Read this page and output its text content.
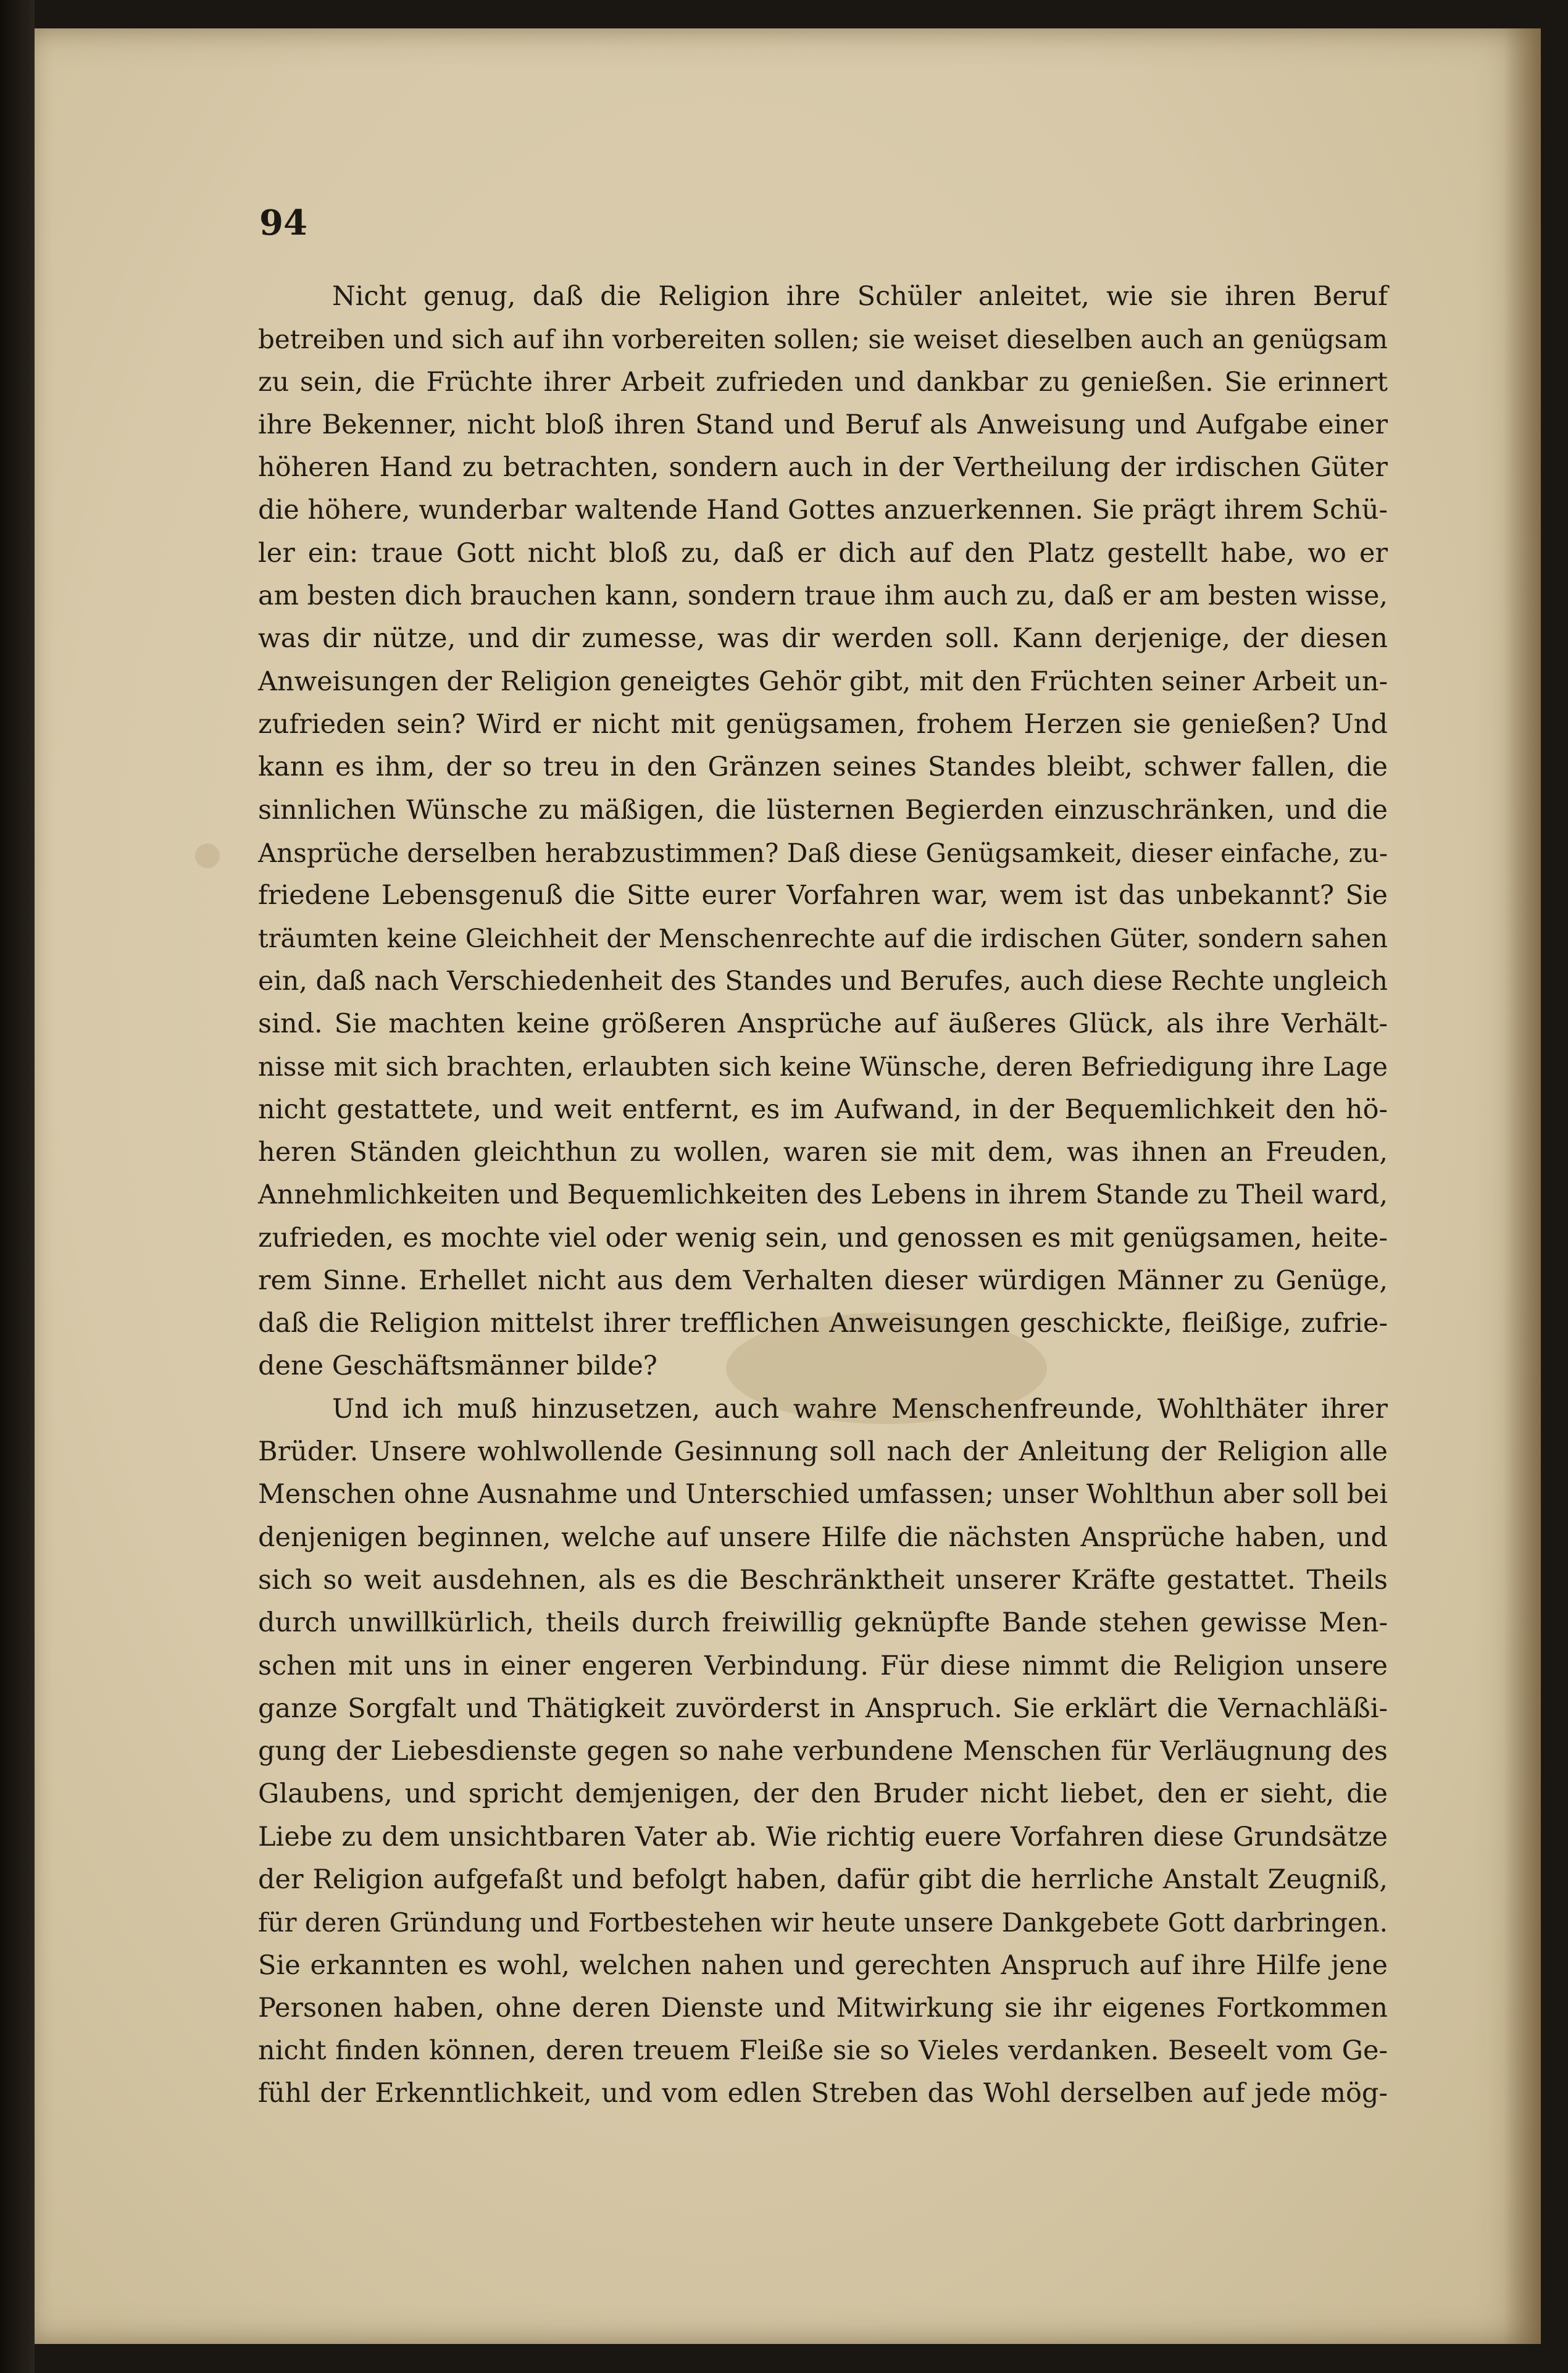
94

Nicht genug, daß die Religion ihre Schüler anleitet, wie sie ihren Beruf
betreiben und sich auf ihn vorbereiten sollen; sie weiset dieselben auch an genügsam
zu sein, die Früchte ihrer Arbeit zufrieden und dankbar zu genießen. Sie erinnert
ihre Bekenner, nicht bloß ihren Stand und Beruf als Anweisung und Aufgabe einer
höheren Hand zu betrachten, sondern auch in der Vertheilung der irdischen Güter
die höhere, wunderbar waltende Hand Gottes anzuerkennen. Sie prägt ihrem Schü-
ler ein: traue Gott nicht bloß zu, daß er dich auf den Platz gestellt habe, wo er
am besten dich brauchen kann, sondern traue ihm auch zu, daß er am besten wisse,
was dir nütze, und dir zumesse, was dir werden soll. Kann derjenige, der diesen
Anweisungen der Religion geneigtes Gehör gibt, mit den Früchten seiner Arbeit un-
zufrieden sein? Wird er nicht mit genügsamen, frohem Herzen sie genießen? Und
kann es ihm, der so treu in den Gränzen seines Standes bleibt, schwer fallen, die
sinnlichen Wünsche zu mäßigen, die lüsternen Begierden einzuschränken, und die
Ansprüche derselben herabzustimmen? Daß diese Genügsamkeit, dieser einfache, zu-
friedene Lebensgenuß die Sitte eurer Vorfahren war, wem ist das unbekannt? Sie
träumten keine Gleichheit der Menschenrechte auf die irdischen Güter, sondern sahen
ein, daß nach Verschiedenheit des Standes und Berufes, auch diese Rechte ungleich
sind. Sie machten keine größeren Ansprüche auf äußeres Glück, als ihre Verhält-
nisse mit sich brachten, erlaubten sich keine Wünsche, deren Befriedigung ihre Lage
nicht gestattete, und weit entfernt, es im Aufwand, in der Bequemlichkeit den hö-
heren Ständen gleichthun zu wollen, waren sie mit dem, was ihnen an Freuden,
Annehmlichkeiten und Bequemlichkeiten des Lebens in ihrem Stande zu Theil ward,
zufrieden, es mochte viel oder wenig sein, und genossen es mit genügsamen, heite-
rem Sinne. Erhellet nicht aus dem Verhalten dieser würdigen Männer zu Genüge,
daß die Religion mittelst ihrer trefflichen Anweisungen geschickte, fleißige, zufrie-
dene Geschäftsmänner bilde?
Und ich muß hinzusetzen, auch wahre Menschenfreunde, Wohlthäter ihrer
Brüder. Unsere wohlwollende Gesinnung soll nach der Anleitung der Religion alle
Menschen ohne Ausnahme und Unterschied umfassen; unser Wohlthun aber soll bei
denjenigen beginnen, welche auf unsere Hilfe die nächsten Ansprüche haben, und
sich so weit ausdehnen, als es die Beschränktheit unserer Kräfte gestattet. Theils
durch unwillkürlich, theils durch freiwillig geknüpfte Bande stehen gewisse Men-
schen mit uns in einer engeren Verbindung. Für diese nimmt die Religion unsere
ganze Sorgfalt und Thätigkeit zuvörderst in Anspruch. Sie erklärt die Vernachläßi-
gung der Liebesdienste gegen so nahe verbundene Menschen für Verläugnung des
Glaubens, und spricht demjenigen, der den Bruder nicht liebet, den er sieht, die
Liebe zu dem unsichtbaren Vater ab. Wie richtig euere Vorfahren diese Grundsätze
der Religion aufgefaßt und befolgt haben, dafür gibt die herrliche Anstalt Zeugniß,
für deren Gründung und Fortbestehen wir heute unsere Dankgebete Gott darbringen.
Sie erkannten es wohl, welchen nahen und gerechten Anspruch auf ihre Hilfe jene
Personen haben, ohne deren Dienste und Mitwirkung sie ihr eigenes Fortkommen
nicht finden können, deren treuem Fleiße sie so Vieles verdanken. Beseelt vom Ge-
fühl der Erkenntlichkeit, und vom edlen Streben das Wohl derselben auf jede mög-
